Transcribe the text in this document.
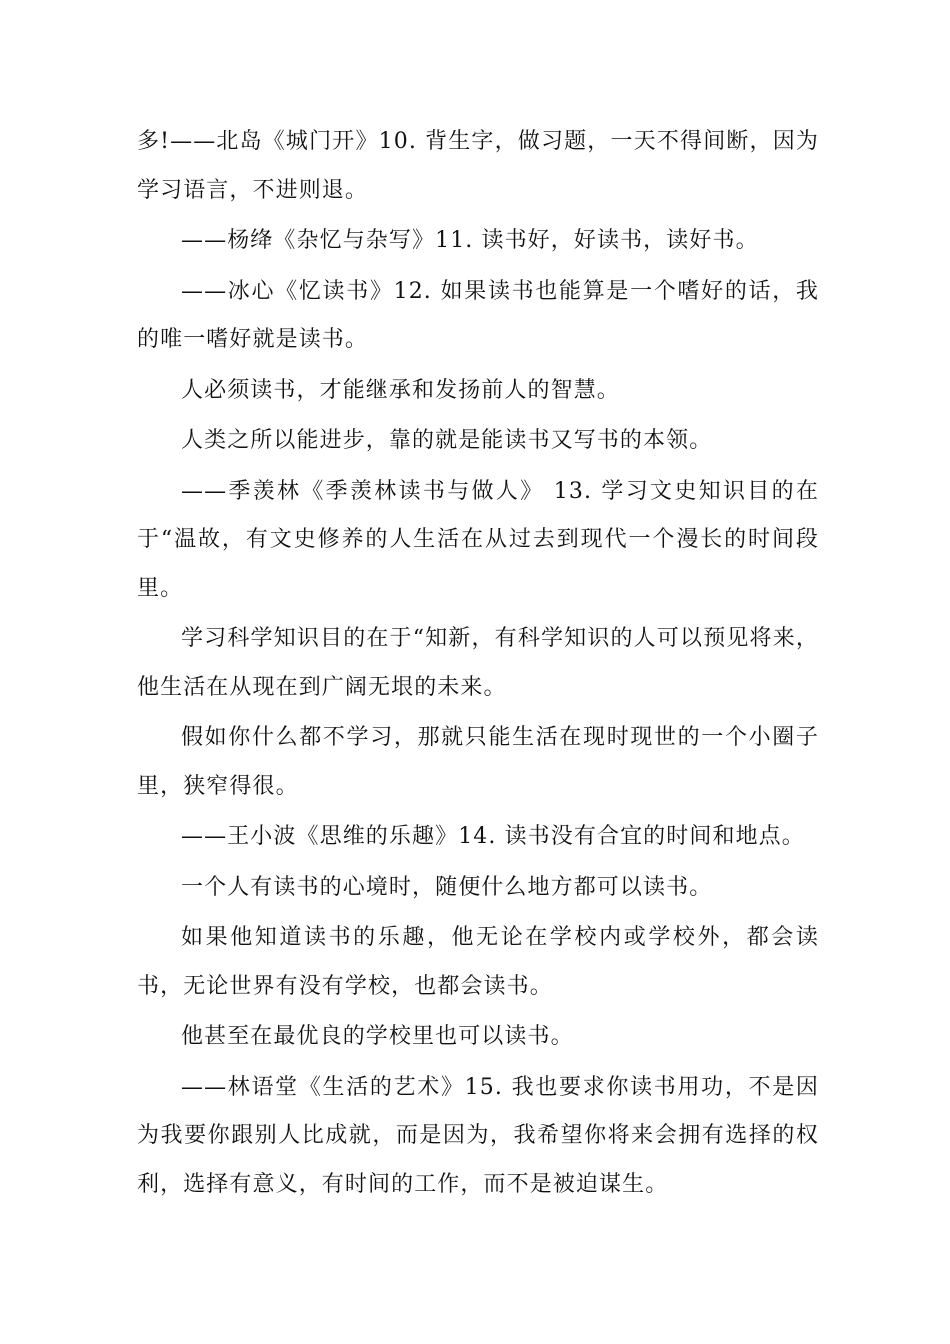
多!——北岛《城门开》10. 背生字，做习题，一天不得间断，因为学习语言，不进则退。

——杨绛《杂忆与杂写》11. 读书好，好读书，读好书。

——冰心《忆读书》12. 如果读书也能算是一个嗜好的话，我的唯一嗜好就是读书。

人必须读书，才能继承和发扬前人的智慧。

人类之所以能进步，靠的就是能读书又写书的本领。

——季羡林《季羡林读书与做人》 13. 学习文史知识目的在于“温故，有文史修养的人生活在从过去到现代一个漫长的时间段里。

学习科学知识目的在于“知新，有科学知识的人可以预见将来，他生活在从现在到广阔无垠的未来。

假如你什么都不学习，那就只能生活在现时现世的一个小圈子里，狭窄得很。

——王小波《思维的乐趣》14. 读书没有合宜的时间和地点。

一个人有读书的心境时，随便什么地方都可以读书。

如果他知道读书的乐趣，他无论在学校内或学校外，都会读书，无论世界有没有学校，也都会读书。

他甚至在最优良的学校里也可以读书。

——林语堂《生活的艺术》15. 我也要求你读书用功，不是因为我要你跟别人比成就，而是因为，我希望你将来会拥有选择的权利，选择有意义，有时间的工作，而不是被迫谋生。
